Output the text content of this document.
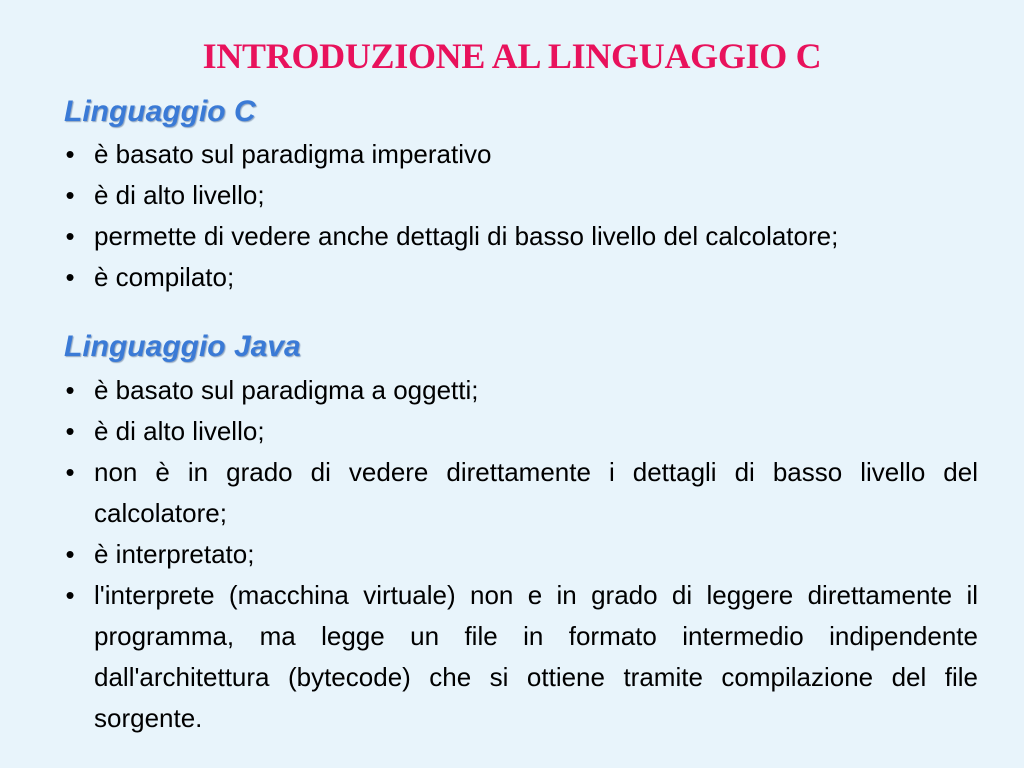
INTRODUZIONE AL LINGUAGGIO C
Linguaggio C
• è basato sul paradigma imperativo
• è di alto livello;
• permette di vedere anche dettagli di basso livello del calcolatore;
• è compilato;
Linguaggio Java
• è basato sul paradigma a oggetti;
• è di alto livello;
• non è in grado di vedere direttamente i dettagli di basso livello del calcolatore;
• è interpretato;
• l'interprete (macchina virtuale) non e in grado di leggere direttamente il programma, ma legge un file in formato intermedio indipendente dall'architettura (bytecode) che si ottiene tramite compilazione del file sorgente.
